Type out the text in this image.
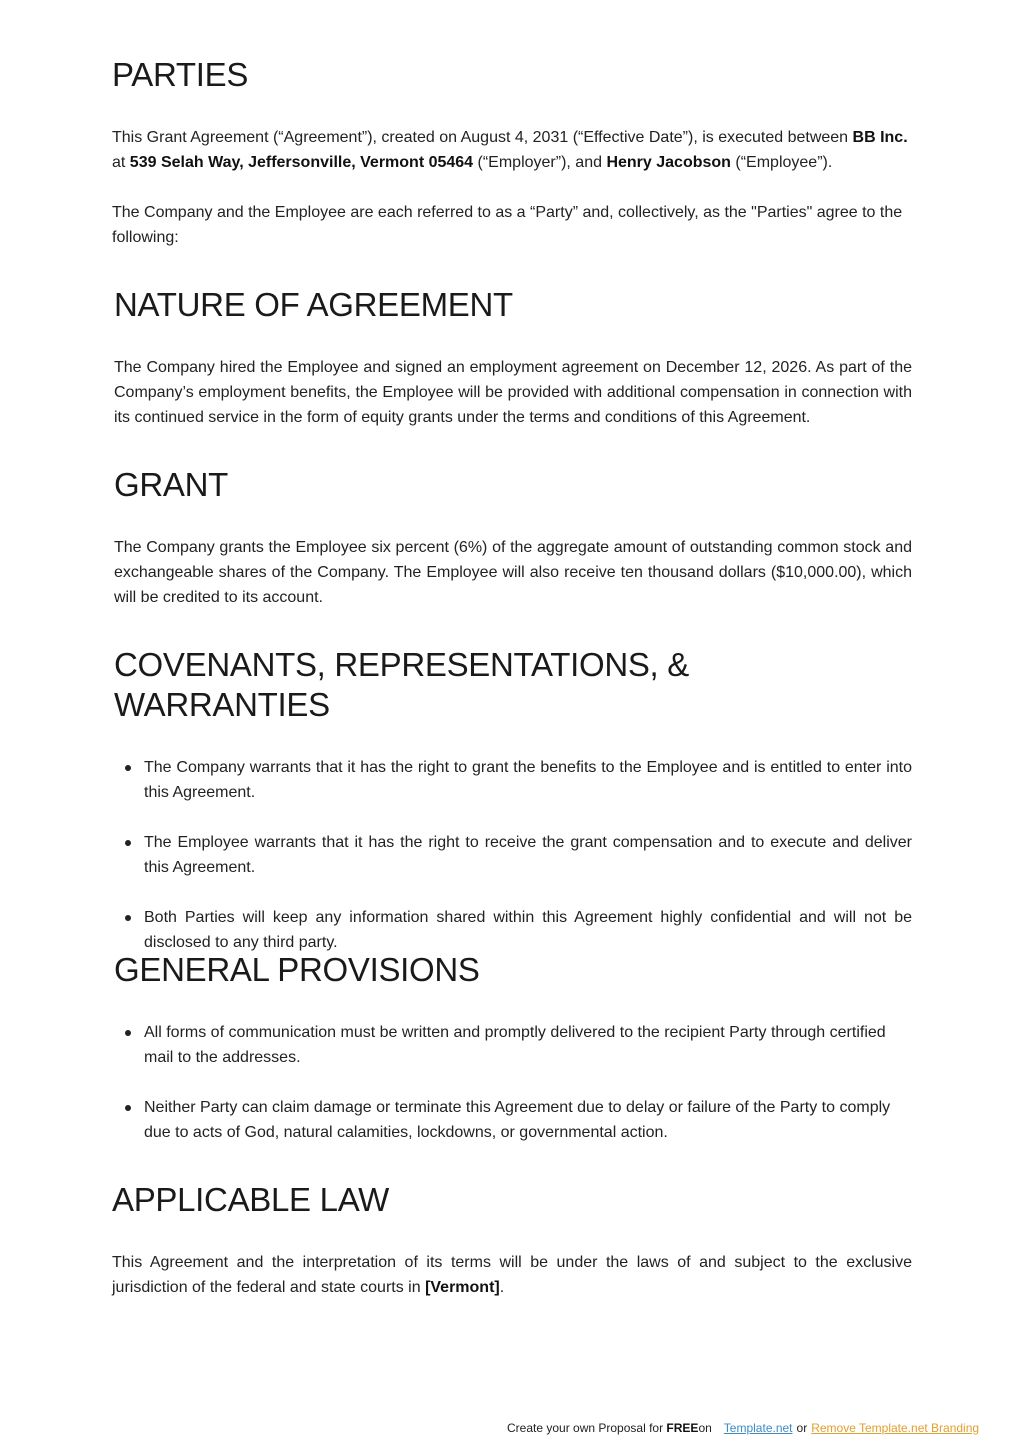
PARTIES

This Grant Agreement (“Agreement”), created on August 4, 2031 (“Effective Date”), is executed between BB Inc. at 539 Selah Way, Jeffersonville, Vermont 05464 (“Employer”), and Henry Jacobson (“Employee”).

The Company and the Employee are each referred to as a “Party” and, collectively, as the "Parties" agree to the following:

NATURE OF AGREEMENT

The Company hired the Employee and signed an employment agreement on December 12, 2026. As part of the Company’s employment benefits, the Employee will be provided with additional compensation in connection with its continued service in the form of equity grants under the terms and conditions of this Agreement.

GRANT

The Company grants the Employee six percent (6%) of the aggregate amount of outstanding common stock and exchangeable shares of the Company. The Employee will also receive ten thousand dollars ($10,000.00), which will be credited to its account.

COVENANTS, REPRESENTATIONS, & WARRANTIES
The Company warrants that it has the right to grant the benefits to the Employee and is entitled to enter into this Agreement.
The Employee warrants that it has the right to receive the grant compensation and to execute and deliver this Agreement.
Both Parties will keep any information shared within this Agreement highly confidential and will not be disclosed to any third party.
GENERAL PROVISIONS
All forms of communication must be written and promptly delivered to the recipient Party through certified mail to the addresses.
Neither Party can claim damage or terminate this Agreement due to delay or failure of the Party to comply due to acts of God, natural calamities, lockdowns, or governmental action.
APPLICABLE LAW

This Agreement and the interpretation of its terms will be under the laws of and subject to the exclusive jurisdiction of the federal and state courts in [Vermont].

Create your own Proposal for FREEon Template.net or Remove Template.net Branding
